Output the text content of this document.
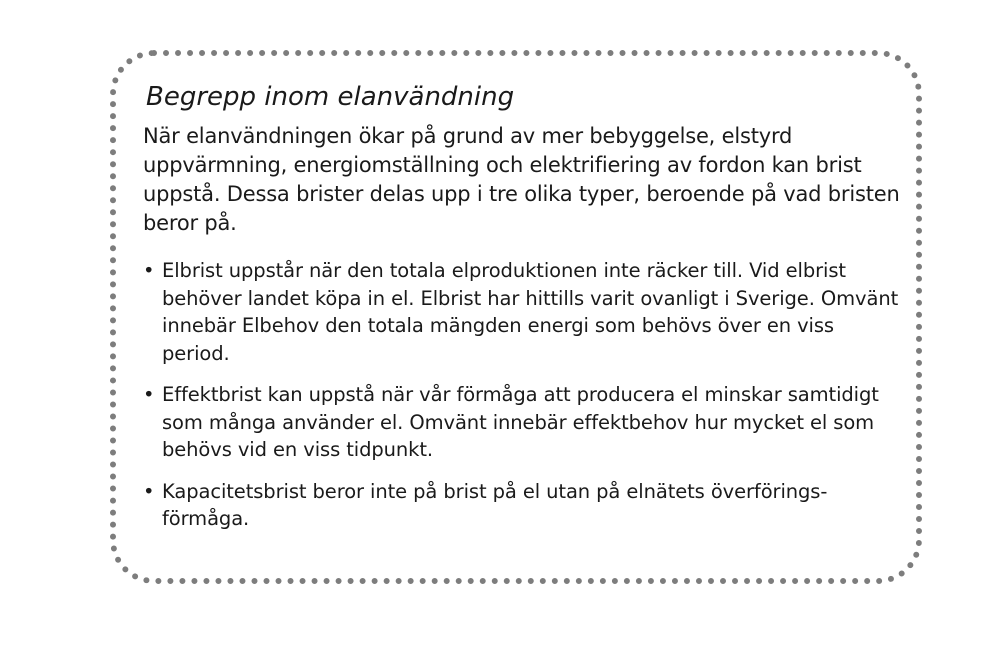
Begrepp inom elanvändning

När elanvändningen ökar på grund av mer bebyggelse, elstyrd uppvärmning, energiomställning och elektrifiering av fordon kan brist uppstå. Dessa brister delas upp i tre olika typer, beroende på vad bristen beror på.

• Elbrist uppstår när den totala elproduktionen inte räcker till. Vid elbrist behöver landet köpa in el. Elbrist har hittills varit ovanligt i Sverige. Omvänt innebär Elbehov den totala mängden energi som behövs över en viss period.
• Effektbrist kan uppstå när vår förmåga att producera el minskar samtidigt som många använder el. Omvänt innebär effektbehov hur mycket el som behövs vid en viss tidpunkt.
• Kapacitetsbrist beror inte på brist på el utan på elnätets överförings-förmåga.
